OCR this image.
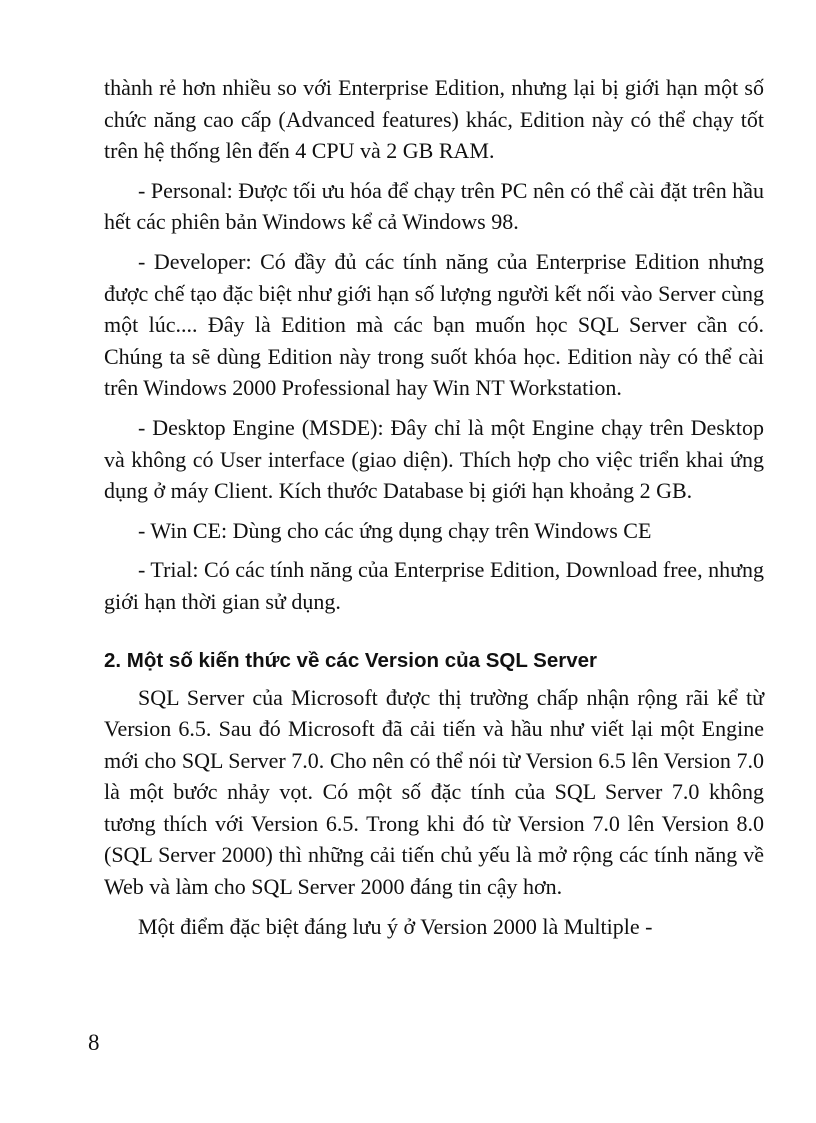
thành rẻ hơn nhiều so với Enterprise Edition, nhưng lại bị giới hạn một số chức năng cao cấp (Advanced features) khác, Edition này có thể chạy tốt trên hệ thống lên đến 4 CPU và 2 GB RAM.

- Personal: Được tối ưu hóa để chạy trên PC nên có thể cài đặt trên hầu hết các phiên bản Windows kể cả Windows 98.

- Developer: Có đầy đủ các tính năng của Enterprise Edition nhưng được chế tạo đặc biệt như giới hạn số lượng người kết nối vào Server cùng một lúc.... Đây là Edition mà các bạn muốn học SQL Server cần có. Chúng ta sẽ dùng Edition này trong suốt khóa học. Edition này có thể cài trên Windows 2000 Professional hay Win NT Workstation.

- Desktop Engine (MSDE): Đây chỉ là một Engine chạy trên Desktop và không có User interface (giao diện). Thích hợp cho việc triển khai ứng dụng ở máy Client. Kích thước Database bị giới hạn khoảng 2 GB.

- Win CE: Dùng cho các ứng dụng chạy trên Windows CE

- Trial: Có các tính năng của Enterprise Edition, Download free, nhưng giới hạn thời gian sử dụng.

2. Một số kiến thức về các Version của SQL Server

SQL Server của Microsoft được thị trường chấp nhận rộng rãi kể từ Version 6.5. Sau đó Microsoft đã cải tiến và hầu như viết lại một Engine mới cho SQL Server 7.0. Cho nên có thể nói từ Version 6.5 lên Version 7.0 là một bước nhảy vọt. Có một số đặc tính của SQL Server 7.0 không tương thích với Version 6.5. Trong khi đó từ Version 7.0 lên Version 8.0 (SQL Server 2000) thì những cải tiến chủ yếu là mở rộng các tính năng về Web và làm cho SQL Server 2000 đáng tin cậy hơn.

Một điểm đặc biệt đáng lưu ý ở Version 2000 là Multiple -

8
